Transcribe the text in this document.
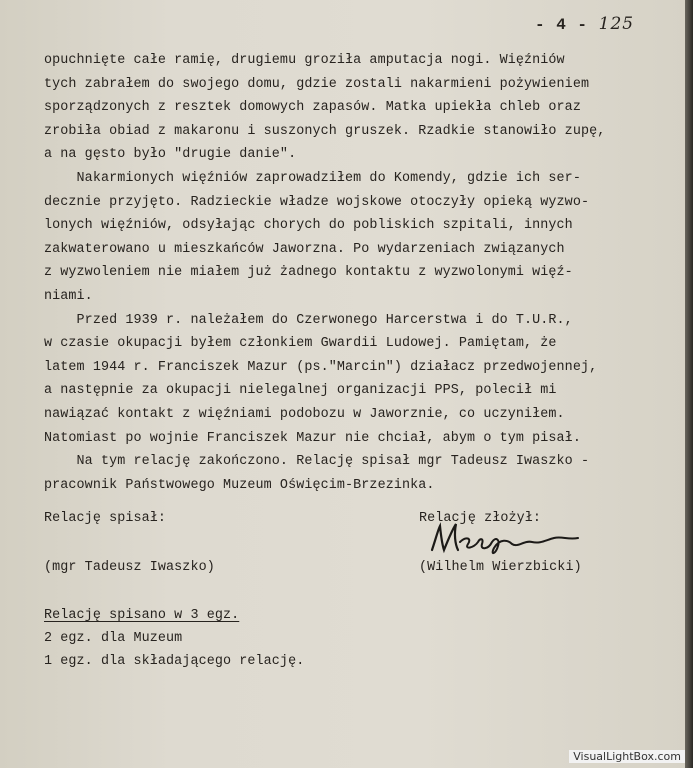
- 4 - 125
opuchnięte całe ramię, drugiemu groziła amputacja nogi. Więźniów
tych zabrałem do swojego domu, gdzie zostali nakarmieni pożywieniem
sporządzonych z resztek domowych zapasów. Matka upiekła chleb oraz
zrobiła obiad z makaronu i suszonych gruszek. Rzadkie stanowiło zupę,
a na gęsto było "drugie danie".
Nakarmionych więźniów zaprowadziłem do Komendy, gdzie ich ser-
decznie przyjęto. Radzieckie władze wojskowe otoczyły opieką wyzwo-
lonych więźniów, odsyłając chorych do pobliskich szpitali, innych
zakwaterowano u mieszkańców Jaworzna. Po wydarzeniach związanych
z wyzwoleniem nie miałem już żadnego kontaktu z wyzwolonymi więź-
niami.
Przed 1939 r. należałem do Czerwonego Harcerstwa i do T.U.R.,
w czasie okupacji byłem członkiem Gwardii Ludowej. Pamiętam, że
latem 1944 r. Franciszek Mazur (ps."Marcin") działacz przedwojennej,
a następnie za okupacji nielegalnej organizacji PPS, polecił mi
nawiązać kontakt z więźniami podobozu w Jaworznie, co uczyniłem.
Natomiast po wojnie Franciszek Mazur nie chciał, abym o tym pisał.
Na tym relację zakończono. Relację spisał mgr Tadeusz Iwaszko -
pracownik Państwowego Muzeum Oświęcim-Brzezinka.
Relację spisał:	Relację złożył:
(mgr Tadeusz Iwaszko)	(Wilhelm Wierzbicki)
Relację spisano w 3 egz.
2 egz. dla Muzeum
1 egz. dla składającego relację.
VisualLightBox.com
